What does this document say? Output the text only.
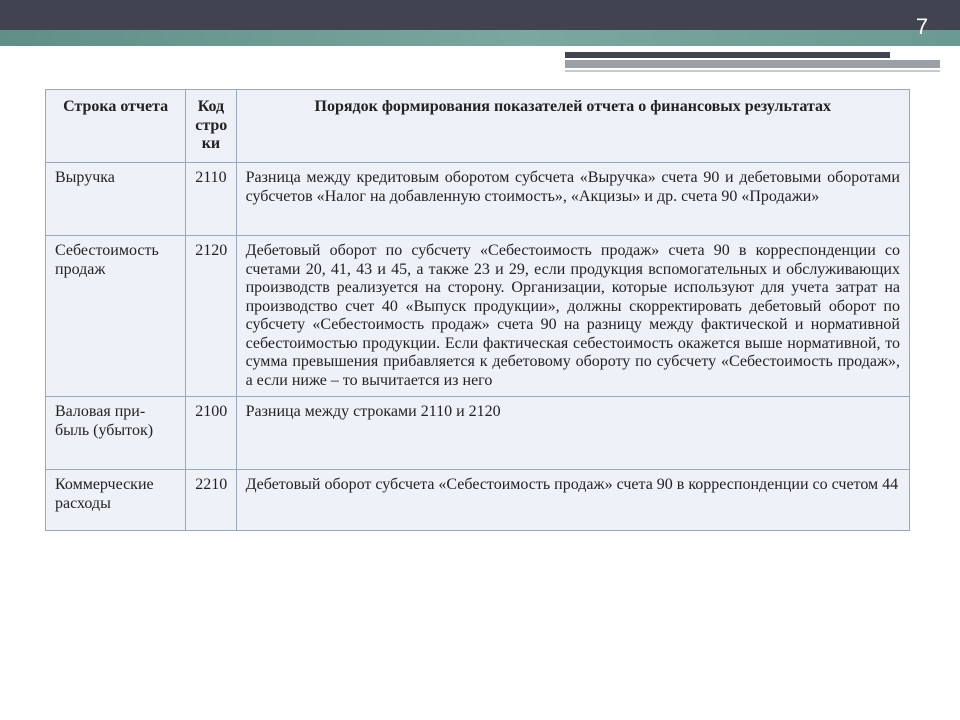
7
Строка отчета	Код стро ки	Порядок формирования показателей отчета о финансовых результатах
Выручка	2110	Разница между кредитовым оборотом субсчета «Выручка» счета 90 и дебетовыми оборотами субсчетов «Налог на добавленную стоимость», «Акцизы» и др. счета 90 «Продажи»
Себестоимость продаж	2120	Дебетовый оборот по субсчету «Себестоимость продаж» счета 90 в корреспонденции со счетами 20, 41, 43 и 45, а также 23 и 29, если продукция вспомогательных и обслуживающих производств реализуется на сторону. Организации, которые используют для учета затрат на производство счет 40 «Выпуск продукции», должны скорректировать дебетовый оборот по субсчету «Себестоимость продаж» счета 90 на разницу между фактической и нормативной себестоимостью продукции. Если фактическая себестоимость окажется выше нормативной, то сумма превышения прибавляется к дебетовому обороту по субсчету «Себестоимость продаж», а если ниже – то вычитается из него
Валовая при- быль (убыток)	2100	Разница между строками 2110 и 2120
Коммерческие расходы	2210	Дебетовый оборот субсчета «Себестоимость продаж» счета 90 в корреспонденции со счетом 44
